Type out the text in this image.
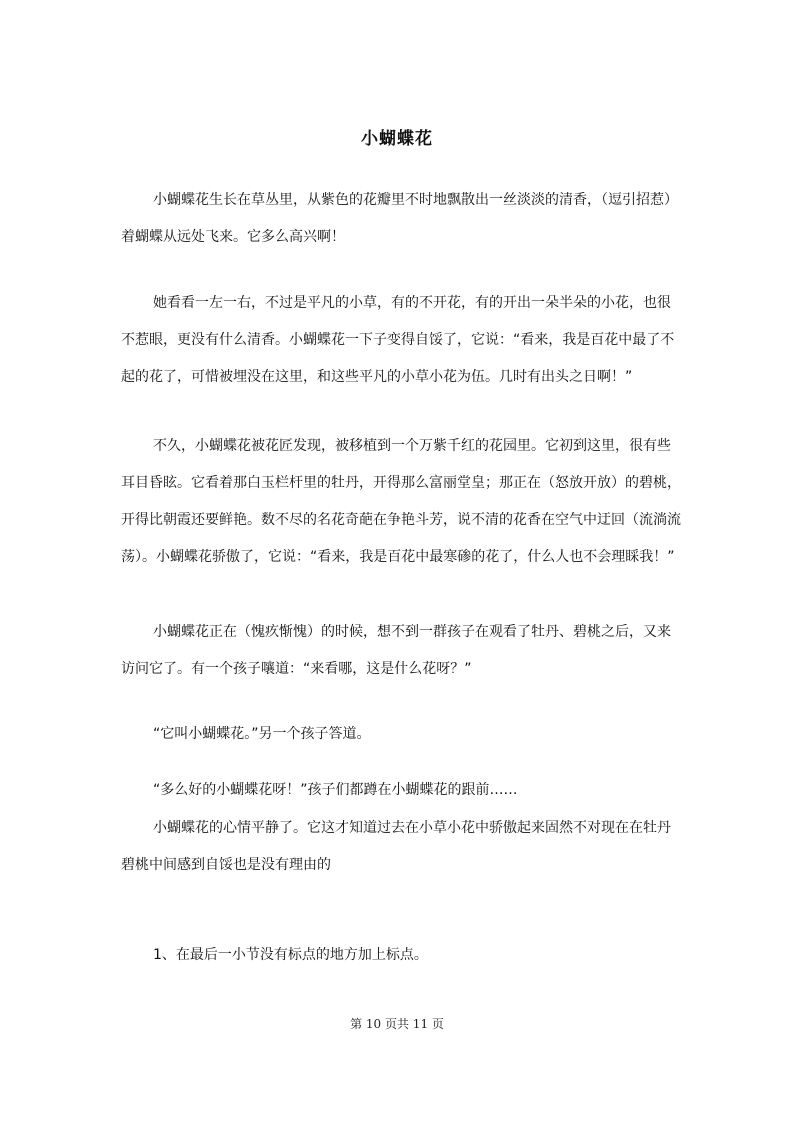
小蝴蝶花
小蝴蝶花生长在草丛里，从紫色的花瓣里不时地飘散出一丝淡淡的清香，（逗引招惹）着蝴蝶从远处飞来。它多么高兴啊！
她看看一左一右，不过是平凡的小草，有的不开花，有的开出一朵半朵的小花，也很不惹眼，更没有什么清香。小蝴蝶花一下子变得自馁了，它说：“看来，我是百花中最了不起的花了，可惜被埋没在这里，和这些平凡的小草小花为伍。几时有出头之日啊！”
不久，小蝴蝶花被花匠发现，被移植到一个万紫千红的花园里。它初到这里，很有些耳目昏眩。它看着那白玉栏杆里的牡丹，开得那么富丽堂皇；那正在（怒放开放）的碧桃，开得比朝霞还要鲜艳。数不尽的名花奇葩在争艳斗芳，说不清的花香在空气中迂回（流淌流荡）。小蝴蝶花骄傲了，它说：“看来，我是百花中最寒碜的花了，什么人也不会理睬我！”
小蝴蝶花正在（愧疚惭愧）的时候，想不到一群孩子在观看了牡丹、碧桃之后，又来访问它了。有一个孩子嚷道：“来看哪，这是什么花呀？”
“它叫小蝴蝶花。”另一个孩子答道。
“多么好的小蝴蝶花呀！”孩子们都蹲在小蝴蝶花的跟前……
小蝴蝶花的心情平静了。它这才知道过去在小草小花中骄傲起来固然不对现在在牡丹碧桃中间感到自馁也是没有理由的
1、在最后一小节没有标点的地方加上标点。
第 10 页共 11 页
